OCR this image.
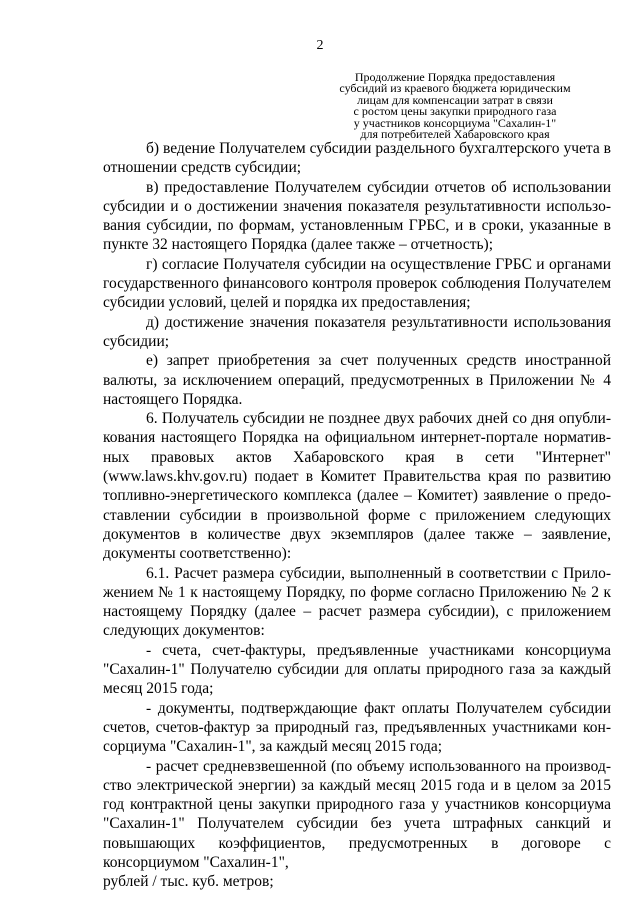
2
Продолжение Порядка предоставления
субсидий из краевого бюджета юридическим
лицам для компенсации затрат в связи
с ростом цены закупки природного газа
у участников консорциума "Сахалин-1"
для потребителей Хабаровского края

б) ведение Получателем субсидии раздельного бухгалтерского учета в отношении средств субсидии;

в) предоставление Получателем субсидии отчетов об использовании субсидии и о достижении значения показателя результативности использования субсидии, по формам, установленным ГРБС, и в сроки, указанные в пункте 32 настоящего Порядка (далее также – отчетность);

г) согласие Получателя субсидии на осуществление ГРБС и органами государственного финансового контроля проверок соблюдения Получателем субсидии условий, целей и порядка их предоставления;

д) достижение значения показателя результативности использования субсидии;

е) запрет приобретения за счет полученных средств иностранной валюты, за исключением операций, предусмотренных в Приложении № 4 настоящего Порядка.

6. Получатель субсидии не позднее двух рабочих дней со дня опубликования настоящего Порядка на официальном интернет-портале нормативных правовых актов Хабаровского края в сети "Интернет" (www.laws.khv.gov.ru) подает в Комитет Правительства края по развитию топливно-энергетического комплекса (далее – Комитет) заявление о предоставлении субсидии в произвольной форме с приложением следующих документов в количестве двух экземпляров (далее также – заявление, документы соответственно):

6.1. Расчет размера субсидии, выполненный в соответствии с Приложением № 1 к настоящему Порядку, по форме согласно Приложению № 2 к настоящему Порядку (далее – расчет размера субсидии), с приложением следующих документов:

- счета, счет-фактуры, предъявленные участниками консорциума "Сахалин-1" Получателю субсидии для оплаты природного газа за каждый месяц 2015 года;

- документы, подтверждающие факт оплаты Получателем субсидии счетов, счетов-фактур за природный газ, предъявленных участниками консорциума "Сахалин-1", за каждый месяц 2015 года;

- расчет средневзвешенной (по объему использованного на производство электрической энергии) за каждый месяц 2015 года и в целом за 2015 год контрактной цены закупки природного газа у участников консорциума "Сахалин-1" Получателем субсидии без учета штрафных санкций и повышающих коэффициентов, предусмотренных в договоре с консорциумом "Сахалин-1",

рублей / тыс. куб. метров;
